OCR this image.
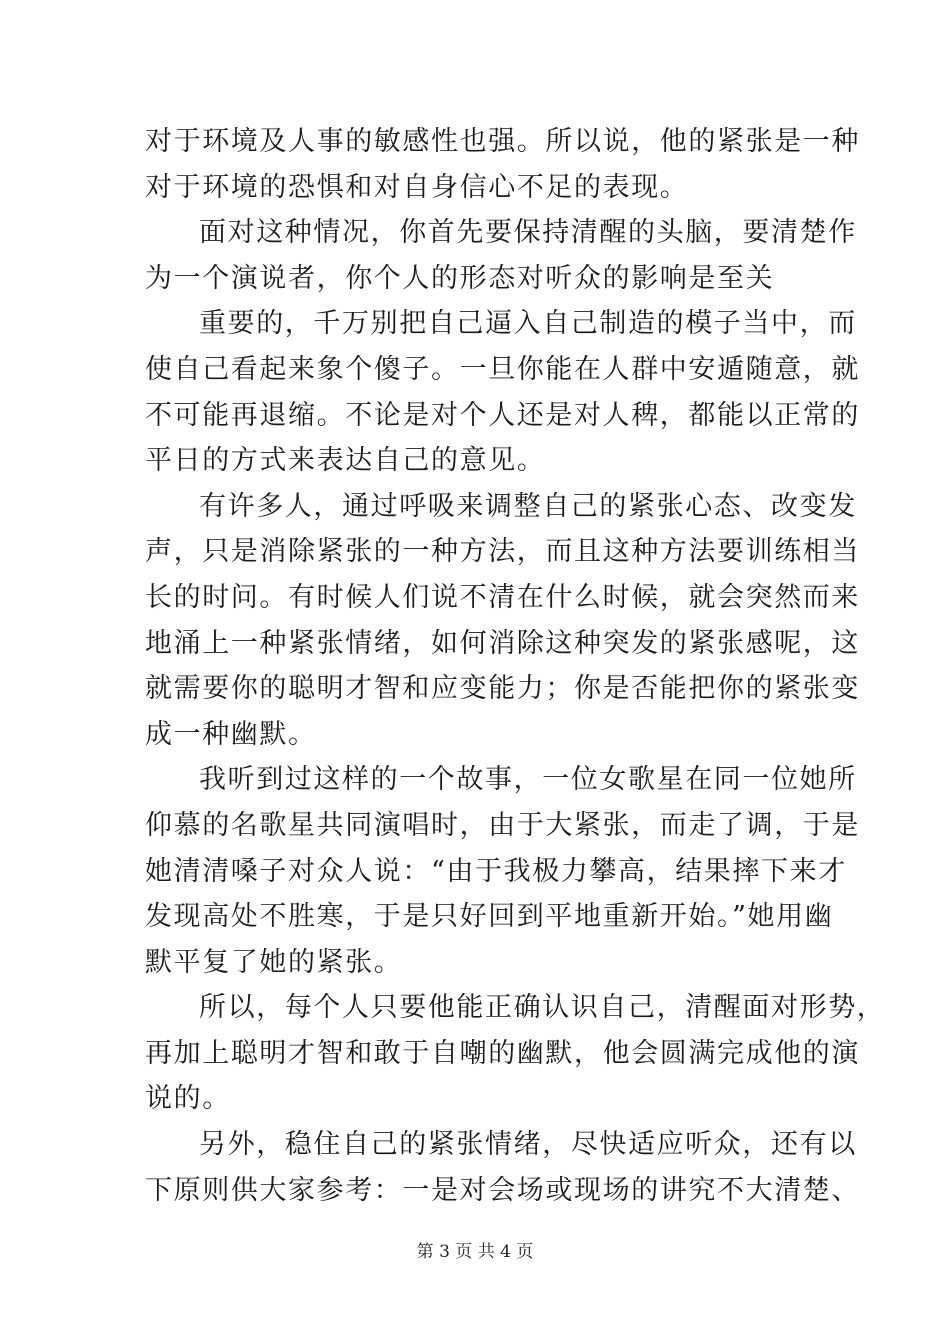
对于环境及人事的敏感性也强。所以说，他的紧张是一种
对于环境的恐惧和对自身信心不足的表现。
面对这种情况，你首先要保持清醒的头脑，要清楚作
为一个演说者，你个人的形态对听众的影响是至关
重要的，千万别把自己逼入自己制造的模子当中，而
使自己看起来象个傻子。一旦你能在人群中安遁随意，就
不可能再退缩。不论是对个人还是对人稗，都能以正常的
平日的方式来表达自己的意见。
有许多人，通过呼吸来调整自己的紧张心态、改变发
声，只是消除紧张的一种方法，而且这种方法要训练相当
长的时问。有时候人们说不清在什么时候，就会突然而来
地涌上一种紧张情绪，如何消除这种突发的紧张感呢，这
就需要你的聪明才智和应变能力；你是否能把你的紧张变
成一种幽默。
我听到过这样的一个故事，一位女歌星在同一位她所
仰慕的名歌星共同演唱时，由于大紧张，而走了调，于是
她清清嗓子对众人说：“由于我极力攀高，结果摔下来才
发现高处不胜寒，于是只好回到平地重新开始。”她用幽
默平复了她的紧张。
所以，每个人只要他能正确认识自己，清醒面对形势，
再加上聪明才智和敢于自嘲的幽默，他会圆满完成他的演
说的。
另外，稳住自己的紧张情绪，尽快适应听众，还有以
下原则供大家参考：一是对会场或现场的讲究不大清楚、
第 3 页 共 4 页
